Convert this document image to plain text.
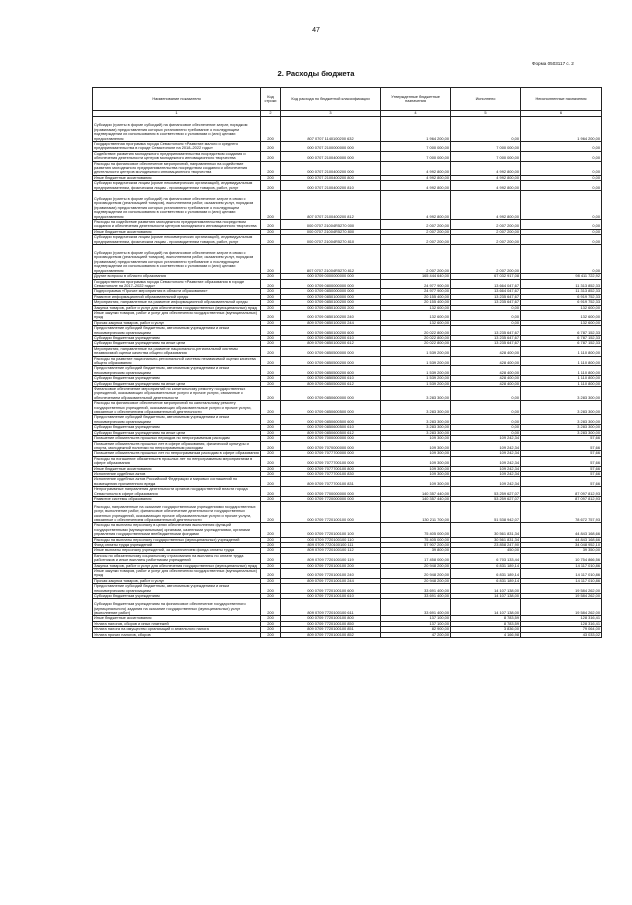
47
Форма 0503117 с. 2
2. Расходы бюджета
Наименование показателя	Код строки	Код расхода по бюджетной классификации	Утвержденные бюджетные назначения	Исполнено	Неисполненные назначения
1	2	3	4	5	6
Субсидии (гранты в форме субсидий) на финансовое обеспечение затрат, порядком (правилами) предоставления которых установлено требование о последующем подтверждении их использования в соответствии с условиями и (или) целями предоставления	200	807 0707 1140100200 632	1 964 200,00	0,00	1 964 200,00
Государственная программа города Севастополя «Развитие малого и среднего предпринимательства в городе Севастополе на 2018–2022 годы»	200	000 0707 2100000000 000	7 000 000,00	7 000 000,00	0,00
Содействие развитию молодежного предпринимательства посредством создания и обеспечения деятельности центров молодежного инновационного творчества	200	000 0707 2100400000 000	7 000 000,00	7 000 000,00	0,00
Расходы на финансовое обеспечение мероприятий, направленных на содействие развитию молодежного предпринимательства посредством создания и обеспечения деятельности центров молодежного инновационного творчества	200	000 0707 2100400200 000	4 992 800,00	4 992 800,00	0,00
Иные бюджетные ассигнования	200	000 0707 2100400200 800	4 992 800,00	4 992 800,00	0,00
Субсидии юридическим лицам (кроме некоммерческих организаций), индивидуальным предпринимателям, физическим лицам - производителям товаров, работ, услуг	200	000 0707 2100400200 810	4 992 800,00	4 992 800,00	0,00
Субсидии (гранты в форме субсидий) на финансовое обеспечение затрат в связи с производством (реализацией товаров), выполнением работ, оказанием услуг, порядком (правилами) предоставления которых установлено требование о последующем подтверждении их использования в соответствии с условиями и (или) целями предоставления	200	807 0707 2100400200 812	4 992 800,00	4 992 800,00	0,00
Расходы на содействие развитию молодежного предпринимательства посредством создания и обеспечения деятельности центров молодежного инновационного творчества	200	000 0707 21004R5270 000	2 007 200,00	2 007 200,00	0,00
Иные бюджетные ассигнования	200	000 0707 21004R5270 800	2 007 200,00	2 007 200,00	0,00
Субсидии юридическим лицам (кроме некоммерческих организаций), индивидуальным предпринимателям, физическим лицам - производителям товаров, работ, услуг	200	000 0707 21004R5270 810	2 007 200,00	2 007 200,00	0,00
Субсидии (гранты в форме субсидий) на финансовое обеспечение затрат в связи с производством (реализацией товаров), выполнением работ, оказанием услуг, порядком (правилами) предоставления которых установлено требование о последующем подтверждении их использования в соответствии с условиями и (или) целями предоставления	200	807 0707 21004R5270 812	2 007 200,00	2 007 200,00	0,00
Другие вопросы в области образования	200	000 0709 0000000000 000	165 444 640,00	67 032 917,08	98 411 722,92
Государственная программа города Севастополя «Развитие образования в городе Севастополе на 2017–2022 годы»	200	000 0709 0800000000 000	24 977 900,00	13 664 047,67	11 313 852,33
Подпрограмма «Прочие мероприятия в области образования»	200	000 0709 0850000000 000	24 977 900,00	13 664 047,67	11 313 852,33
Развитие информационной образовательной среды	200	000 0709 0850100000 000	20 155 400,00	13 235 647,67	6 919 752,33
Мероприятия, направленные на развитие информационной образовательной среды	200	000 0709 0850100200 000	20 155 400,00	13 235 647,67	6 919 752,33
Закупка товаров, работ и услуг для обеспечения государственных (муниципальных) нужд	200	000 0709 0850100200 200	132 600,00	0,00	132 600,00
Иные закупки товаров, работ и услуг для обеспечения государственных (муниципальных) нужд	200	000 0709 0850100200 240	132 600,00	0,00	132 600,00
Прочая закупка товаров, работ и услуг	200	809 0709 0850100200 244	132 600,00	0,00	132 600,00
Предоставление субсидий бюджетным, автономным учреждениям и иным некоммерческим организациям	200	000 0709 0850100200 600	20 022 800,00	13 235 647,67	6 787 152,33
Субсидии бюджетным учреждениям	200	000 0709 0850100200 610	20 022 800,00	13 235 647,67	6 787 152,33
Субсидии бюджетным учреждениям на иные цели	200	809 0709 0850100200 612	20 022 800,00	13 235 647,67	6 787 152,33
Мероприятия, направленные на развитие национально-региональной системы независимой оценки качества общего образования	200	000 0709 0850500000 000	1 539 200,00	428 400,00	1 110 800,00
Расходы на развитие национально-региональной системы независимой оценки качества общего образования	200	000 0709 0850500200 000	1 539 200,00	428 400,00	1 110 800,00
Предоставление субсидий бюджетным, автономным учреждениям и иным некоммерческим организациям	200	000 0709 0850500200 600	1 539 200,00	428 400,00	1 110 800,00
Субсидии бюджетным учреждениям	200	000 0709 0850500200 610	1 539 200,00	428 400,00	1 110 800,00
Субсидии бюджетным учреждениям на иные цели	200	809 0709 0850500200 612	1 539 200,00	428 400,00	1 110 800,00
Финансовое обеспечение мероприятий по капитальному ремонту государственных учреждений, оказывающих образовательные услуги и прочие услуги, связанные с обеспечением образовательной деятельности	200	000 0709 0850600000 000	3 283 300,00	0,00	3 283 300,00
Расходы на финансовое обеспечение мероприятий по капитальному ремонту государственных учреждений, оказывающих образовательные услуги и прочие услуги, связанные с обеспечением образовательной деятельности	200	000 0709 0850600500 000	3 283 300,00	0,00	3 283 300,00
Предоставление субсидий бюджетным, автономным учреждениям и иным некоммерческим организациям	200	000 0709 0850600500 600	3 283 300,00	0,00	3 283 300,00
Субсидии бюджетным учреждениям	200	000 0709 0850600500 610	3 283 300,00	0,00	3 283 300,00
Субсидии бюджетным учреждениям на иные цели	200	809 0709 0850600500 612	3 283 300,00	0,00	3 283 300,00
Погашение обязательств прошлых периодов по непрограммным расходам	200	000 0709 7000000000 000	109 300,00	109 242,34	57,66
Погашение обязательств прошлых лет в сфере образования, физической культуры и спорта, молодежной политики по непрограммным расходам	200	000 0709 7070000000 000	109 300,00	109 242,34	57,66
Погашение обязательств прошлых лет по непрограммным расходам в сфере образования	200	000 0709 7077700000 000	109 300,00	109 242,34	57,66
Расходы на погашение обязательств прошлых лет по непрограммным мероприятиям в сфере образования	200	000 0709 7077700100 000	109 300,00	109 242,34	57,66
Иные бюджетные ассигнования	200	000 0709 7077700100 800	109 300,00	109 242,34	57,66
Исполнение судебных актов	200	000 0709 7077700100 830	109 300,00	109 242,34	57,66
Исполнение судебных актов Российской Федерации и мировых соглашений по возмещению причиненного вреда	200	809 0709 7077700100 831	109 300,00	109 242,34	57,66
Непрограммные направления деятельности органов государственной власти города Севастополя в сфере образования	200	000 0709 7700000000 000	140 357 440,00	53 259 627,07	87 097 812,93
Развитие системы образования	200	000 0709 7720000000 000	140 357 440,00	53 259 627,07	87 097 812,93
Расходы, направленные на оказание государственными учреждениями государственных услуг, выполнение работ, финансовое обеспечение деятельности государственных казенных учреждений, оказывающих прочие образовательные услуги и прочие услуги, связанные с обеспечением образовательной деятельности	200	000 0709 7720100100 000	130 211 700,00	51 538 942,07	78 672 757,93
Расходы на выплаты персоналу в целях обеспечения выполнения функций государственными (муниципальными) органами, казенными учреждениями, органами управления государственными внебюджетными фондами	200	000 0709 7720100100 100	75 405 000,00	30 561 831,34	44 843 168,66
Расходы на выплаты персоналу государственных (муниципальных) учреждений	200	000 0709 7720100100 110	75 405 000,00	30 561 831,34	44 843 168,66
Фонд оплаты труда учреждений	200	809 0709 7720100100 111	57 907 200,00	23 858 247,90	34 048 952,10
Иные выплаты персоналу учреждений, за исключением фонда оплаты труда	200	809 0709 7720100100 112	39 800,00	450,00	39 350,00
Взносы по обязательному социальному страхованию на выплаты по оплате труда работников и иные выплаты работникам учреждений	200	809 0709 7720100100 119	17 458 000,00	6 703 133,44	10 754 866,56
Закупка товаров, работ и услуг для обеспечения государственных (муниципальных) нужд	200	000 0709 7720100100 200	20 948 200,00	6 831 189,14	14 117 010,86
Иные закупки товаров, работ и услуг для обеспечения государственных (муниципальных) нужд	200	000 0709 7720100100 240	20 948 200,00	6 831 189,14	14 117 010,86
Прочая закупка товаров, работ и услуг	200	809 0709 7720100100 244	20 948 200,00	6 831 189,14	14 117 010,86
Предоставление субсидий бюджетным, автономным учреждениям и иным некоммерческим организациям	200	000 0709 7720100100 600	33 691 400,00	14 107 138,00	19 584 262,00
Субсидии бюджетным учреждениям	200	000 0709 7720100100 610	33 691 400,00	14 107 138,00	19 584 262,00
Субсидии бюджетным учреждениям на финансовое обеспечение государственного (муниципального) задания на оказание государственных (муниципальных) услуг (выполнение работ)	200	809 0709 7720100100 611	33 691 400,00	14 107 138,00	19 584 262,00
Иные бюджетные ассигнования	200	000 0709 7720100100 800	137 100,00	8 783,59	128 316,41
Уплата налогов, сборов и иных платежей	200	000 0709 7720100100 850	137 100,00	8 783,59	128 316,41
Уплата налога на имущество организаций и земельного налога	200	809 0709 7720100100 851	82 900,00	3 836,00	79 064,00
Уплата прочих налогов, сборов	200	809 0709 7720100100 852	47 200,00	4 166,98	43 033,02
